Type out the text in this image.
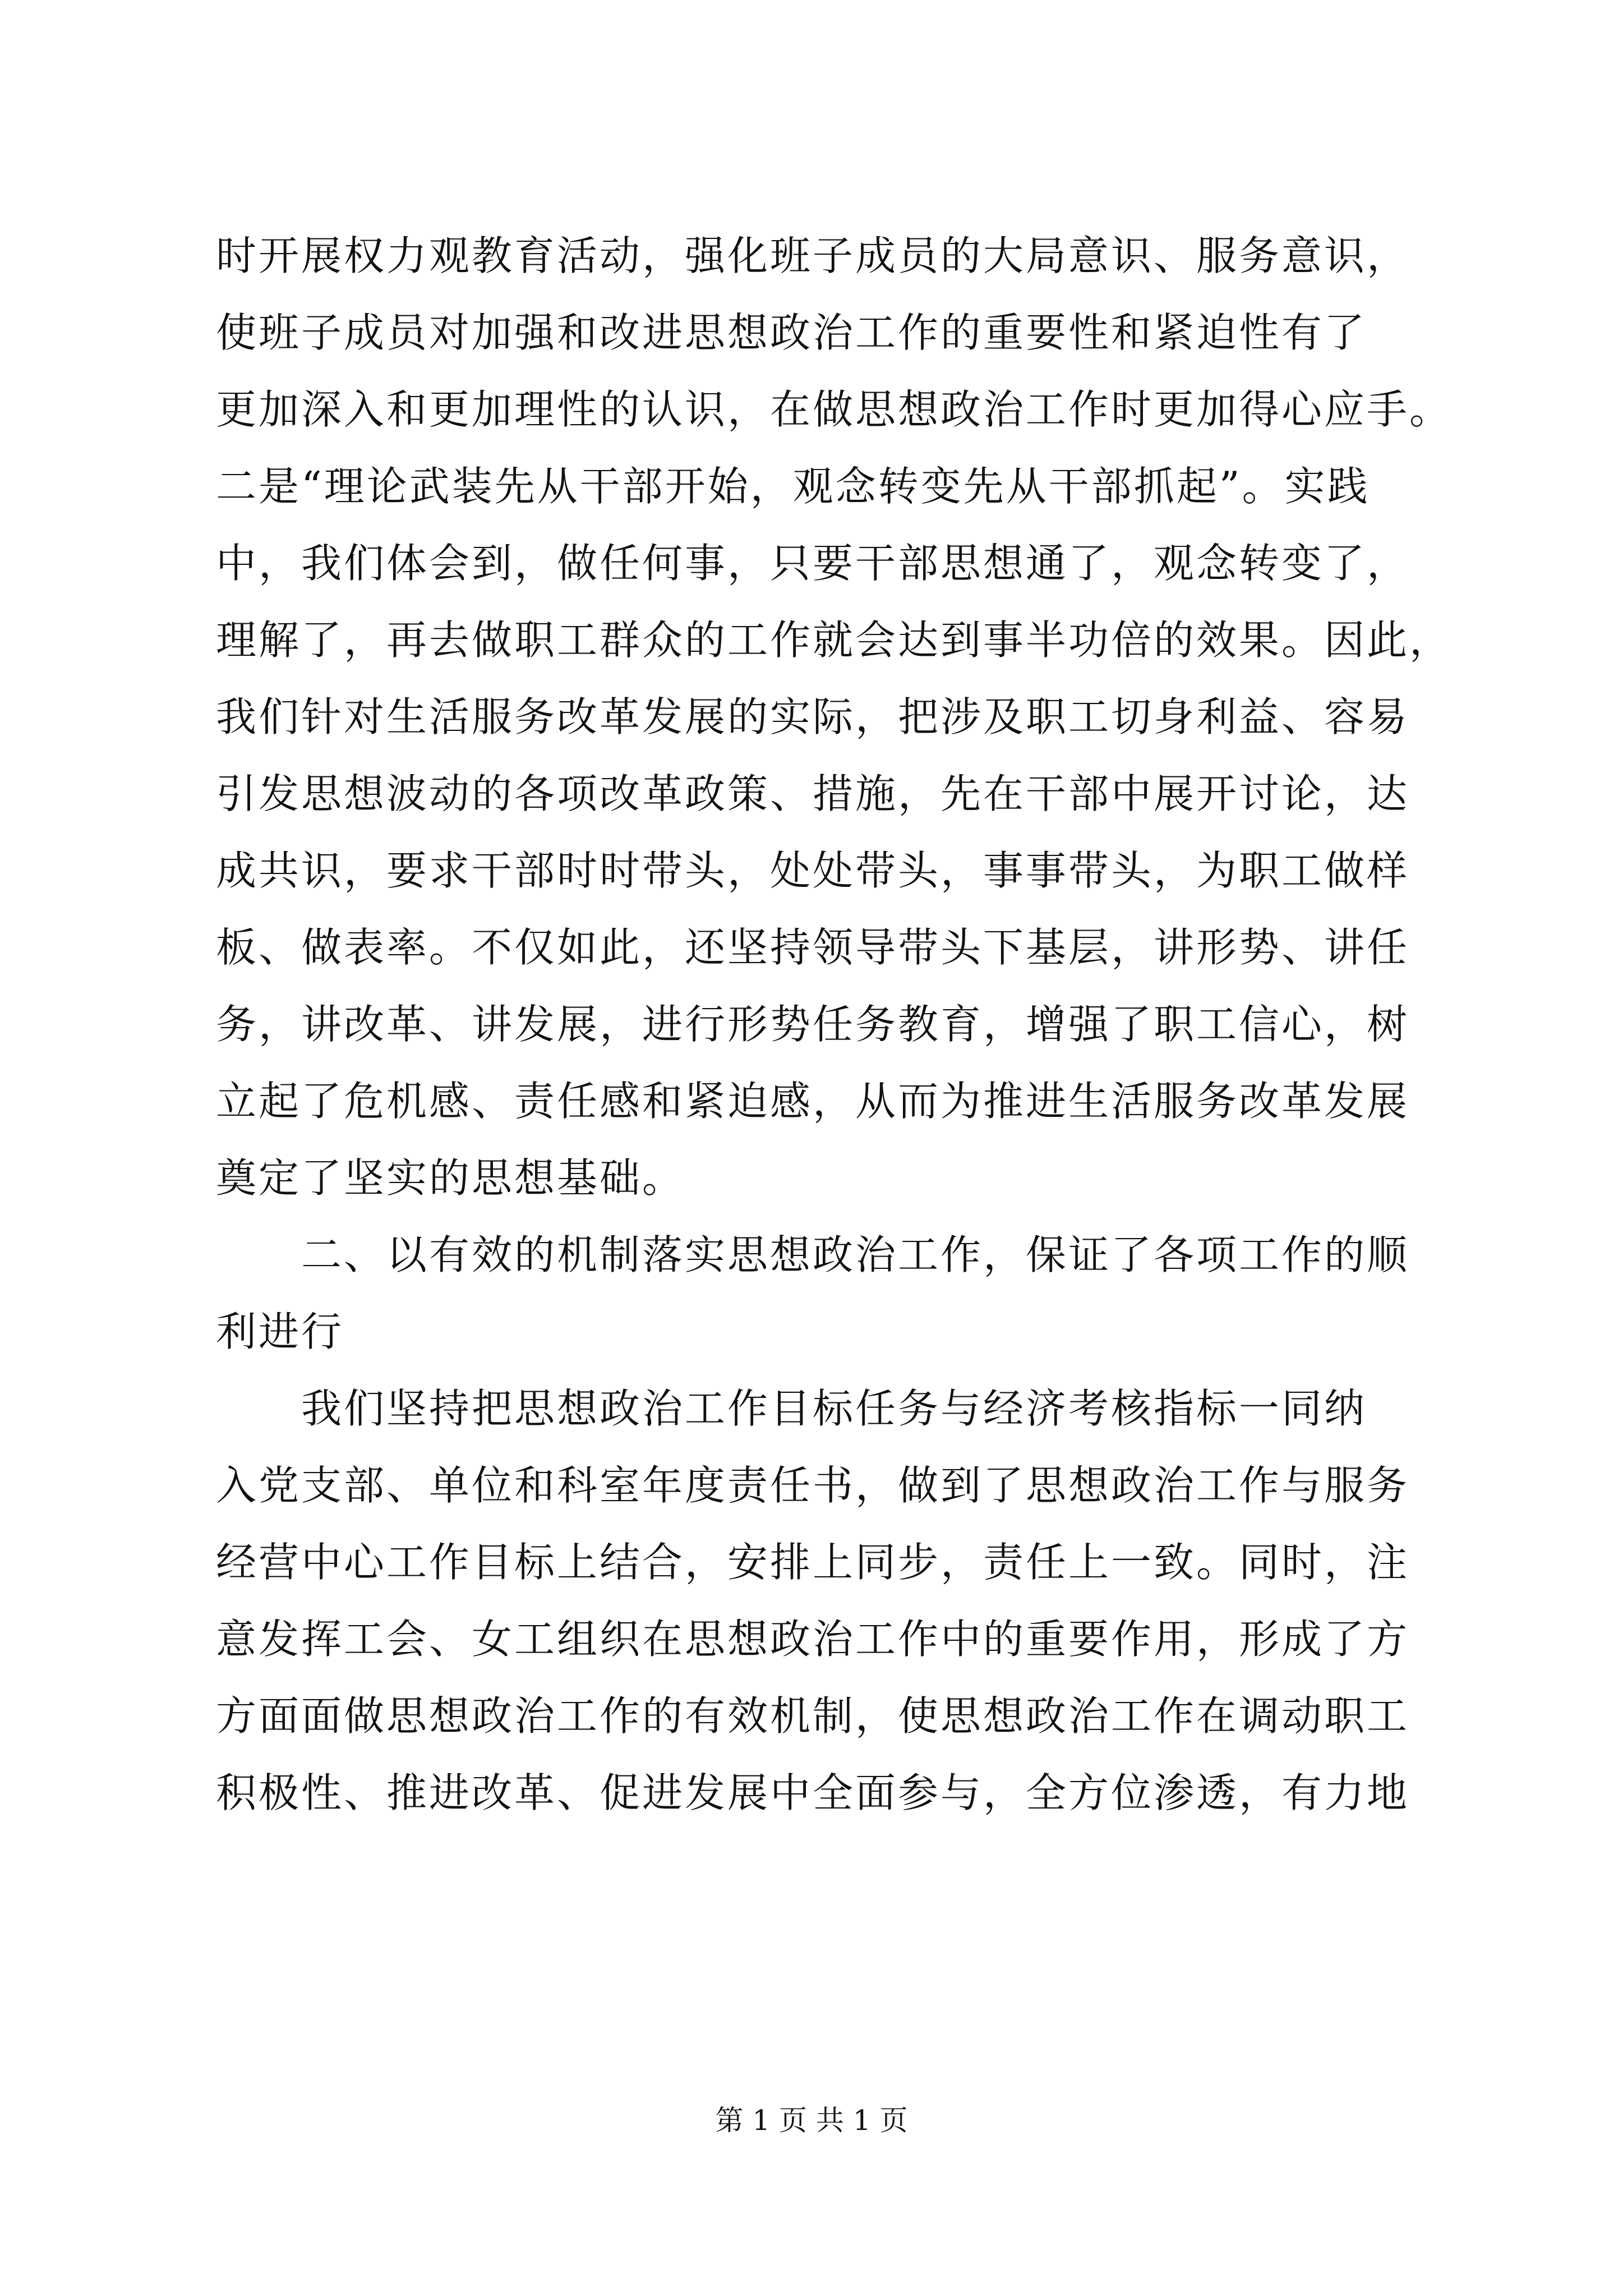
时开展权力观教育活动，强化班子成员的大局意识、服务意识，
使班子成员对加强和改进思想政治工作的重要性和紧迫性有了
更加深入和更加理性的认识，在做思想政治工作时更加得心应手。
二是“理论武装先从干部开始，观念转变先从干部抓起”。实践
中，我们体会到，做任何事，只要干部思想通了，观念转变了，
理解了，再去做职工群众的工作就会达到事半功倍的效果。因此，
我们针对生活服务改革发展的实际，把涉及职工切身利益、容易
引发思想波动的各项改革政策、措施，先在干部中展开讨论，达
成共识，要求干部时时带头，处处带头，事事带头，为职工做样
板、做表率。不仅如此，还坚持领导带头下基层，讲形势、讲任
务，讲改革、讲发展，进行形势任务教育，增强了职工信心，树
立起了危机感、责任感和紧迫感，从而为推进生活服务改革发展
奠定了坚实的思想基础。
二、以有效的机制落实思想政治工作，保证了各项工作的顺
利进行
我们坚持把思想政治工作目标任务与经济考核指标一同纳
入党支部、单位和科室年度责任书，做到了思想政治工作与服务
经营中心工作目标上结合，安排上同步，责任上一致。同时，注
意发挥工会、女工组织在思想政治工作中的重要作用，形成了方
方面面做思想政治工作的有效机制，使思想政治工作在调动职工
积极性、推进改革、促进发展中全面参与，全方位渗透，有力地
第 1 页 共 1 页
